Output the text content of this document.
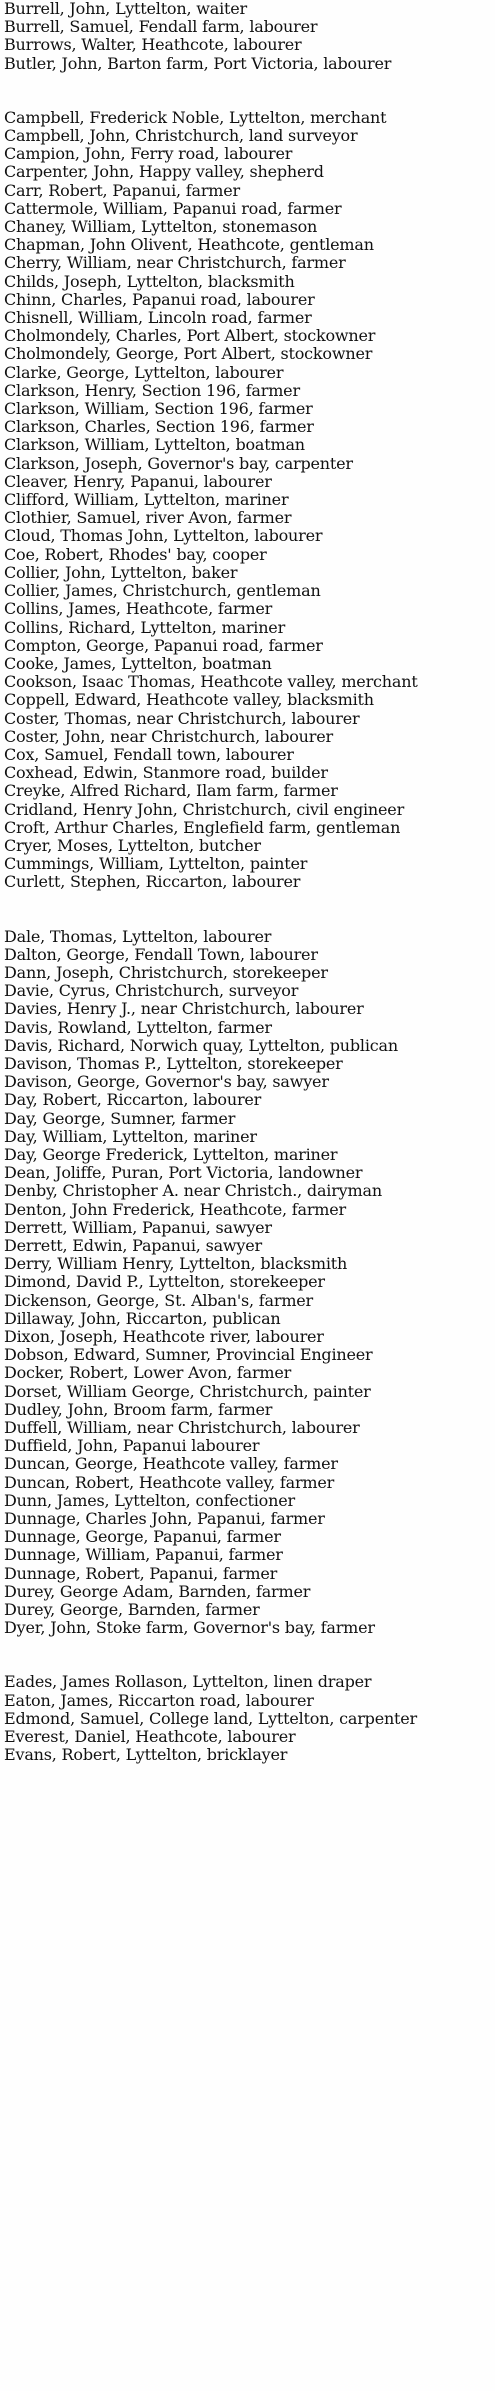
Burrell, John, Lyttelton, waiter
Burrell, Samuel, Fendall farm, labourer
Burrows, Walter, Heathcote, labourer
Butler, John, Barton farm, Port Victoria, labourer
Campbell, Frederick Noble, Lyttelton, merchant
Campbell, John, Christchurch, land surveyor
Campion, John, Ferry road, labourer
Carpenter, John, Happy valley, shepherd
Carr, Robert, Papanui, farmer
Cattermole, William, Papanui road, farmer
Chaney, William, Lyttelton, stonemason
Chapman, John Olivent, Heathcote, gentleman
Cherry, William, near Christchurch, farmer
Childs, Joseph, Lyttelton, blacksmith
Chinn, Charles, Papanui road, labourer
Chisnell, William, Lincoln road, farmer
Cholmondely, Charles, Port Albert, stockowner
Cholmondely, George, Port Albert, stockowner
Clarke, George, Lyttelton, labourer
Clarkson, Henry, Section 196, farmer
Clarkson, William, Section 196, farmer
Clarkson, Charles, Section 196, farmer
Clarkson, William, Lyttelton, boatman
Clarkson, Joseph, Governor's bay, carpenter
Cleaver, Henry, Papanui, labourer
Clifford, William, Lyttelton, mariner
Clothier, Samuel, river Avon, farmer
Cloud, Thomas John, Lyttelton, labourer
Coe, Robert, Rhodes' bay, cooper
Collier, John, Lyttelton, baker
Collier, James, Christchurch, gentleman
Collins, James, Heathcote, farmer
Collins, Richard, Lyttelton, mariner
Compton, George, Papanui road, farmer
Cooke, James, Lyttelton, boatman
Cookson, Isaac Thomas, Heathcote valley, merchant
Coppell, Edward, Heathcote valley, blacksmith
Coster, Thomas, near Christchurch, labourer
Coster, John, near Christchurch, labourer
Cox, Samuel, Fendall town, labourer
Coxhead, Edwin, Stanmore road, builder
Creyke, Alfred Richard, Ilam farm, farmer
Cridland, Henry John, Christchurch, civil engineer
Croft, Arthur Charles, Englefield farm, gentleman
Cryer, Moses, Lyttelton, butcher
Cummings, William, Lyttelton, painter
Curlett, Stephen, Riccarton, labourer
Dale, Thomas, Lyttelton, labourer
Dalton, George, Fendall Town, labourer
Dann, Joseph, Christchurch, storekeeper
Davie, Cyrus, Christchurch, surveyor
Davies, Henry J., near Christchurch, labourer
Davis, Rowland, Lyttelton, farmer
Davis, Richard, Norwich quay, Lyttelton, publican
Davison, Thomas P., Lyttelton, storekeeper
Davison, George, Governor's bay, sawyer
Day, Robert, Riccarton, labourer
Day, George, Sumner, farmer
Day, William, Lyttelton, mariner
Day, George Frederick, Lyttelton, mariner
Dean, Joliffe, Puran, Port Victoria, landowner
Denby, Christopher A. near Christch., dairyman
Denton, John Frederick, Heathcote, farmer
Derrett, William, Papanui, sawyer
Derrett, Edwin, Papanui, sawyer
Derry, William Henry, Lyttelton, blacksmith
Dimond, David P., Lyttelton, storekeeper
Dickenson, George, St. Alban's, farmer
Dillaway, John, Riccarton, publican
Dixon, Joseph, Heathcote river, labourer
Dobson, Edward, Sumner, Provincial Engineer
Docker, Robert, Lower Avon, farmer
Dorset, William George, Christchurch, painter
Dudley, John, Broom farm, farmer
Duffell, William, near Christchurch, labourer
Duffield, John, Papanui labourer
Duncan, George, Heathcote valley, farmer
Duncan, Robert, Heathcote valley, farmer
Dunn, James, Lyttelton, confectioner
Dunnage, Charles John, Papanui, farmer
Dunnage, George, Papanui, farmer
Dunnage, William, Papanui, farmer
Dunnage, Robert, Papanui, farmer
Durey, George Adam, Barnden, farmer
Durey, George, Barnden, farmer
Dyer, John, Stoke farm, Governor's bay, farmer
Eades, James Rollason, Lyttelton, linen draper
Eaton, James, Riccarton road, labourer
Edmond, Samuel, College land, Lyttelton, carpenter
Everest, Daniel, Heathcote, labourer
Evans, Robert, Lyttelton, bricklayer
